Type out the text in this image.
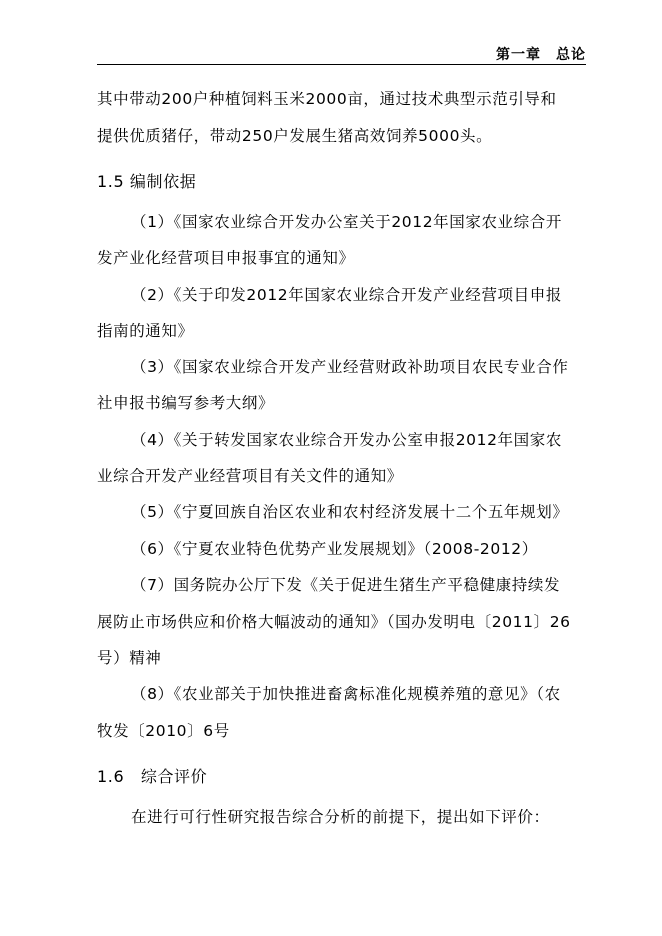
第一章　总论
其中带动200户种植饲料玉米2000亩，通过技术典型示范引导和
提供优质猪仔，带动250户发展生猪高效饲养5000头。
1.5 编制依据
（1）《国家农业综合开发办公室关于2012年国家农业综合开
发产业化经营项目申报事宜的通知》
（2）《关于印发2012年国家农业综合开发产业经营项目申报
指南的通知》
（3）《国家农业综合开发产业经营财政补助项目农民专业合作
社申报书编写参考大纲》
（4）《关于转发国家农业综合开发办公室申报2012年国家农
业综合开发产业经营项目有关文件的通知》
（5）《宁夏回族自治区农业和农村经济发展十二个五年规划》
（6）《宁夏农业特色优势产业发展规划》（2008-2012）
（7）国务院办公厅下发《关于促进生猪生产平稳健康持续发
展防止市场供应和价格大幅波动的通知》（国办发明电〔2011〕26
号）精神
（8）《农业部关于加快推进畜禽标准化规模养殖的意见》（农
牧发〔2010〕6号
1.6　综合评价
在进行可行性研究报告综合分析的前提下，提出如下评价：
